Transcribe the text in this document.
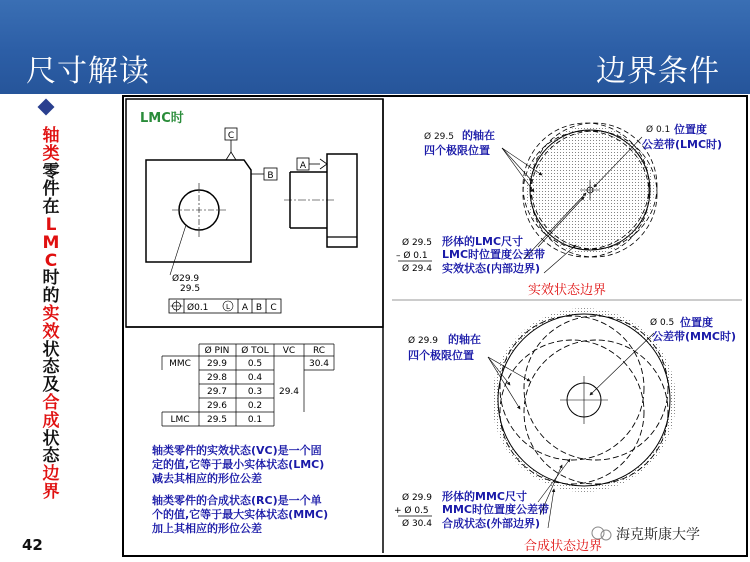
尺寸解读	边界条件
轴
类
零
件
在
L
M
C
时
的
实
效
状
态
及
合
成
状
态
边
界
42
LMC时
C
B
Ø29.9
29.5
Ø0.1	L A B C
A
Ø PIN Ø TOL VC RC
MMC 29.9 0.5	30.4
29.8 0.4
29.7 0.3 29.4
29.6 0.2
LMC 29.5 0.1
轴类零件的实效状态(VC)是一个固
定的值,它等于最小实体状态(LMC)
减去其相应的形位公差
轴类零件的合成状态(RC)是一个单
个的值,它等于最大实体状态(MMC)
加上其相应的形位公差
Ø 29.5 的轴在
四个极限位置
Ø 0.1 位置度
公差带(LMC时)
Ø 29.5 形体的LMC尺寸
– Ø 0.1 LMC时位置度公差带
Ø 29.4 实效状态(内部边界)
实效状态边界
Ø 29.9 的轴在
四个极限位置
Ø 0.5 位置度
公差带(MMC时)
Ø 29.9 形体的MMC尺寸
+ Ø 0.5 MMC时位置度公差带
Ø 30.4 合成状态(外部边界)
合成状态边界
海克斯康大学
